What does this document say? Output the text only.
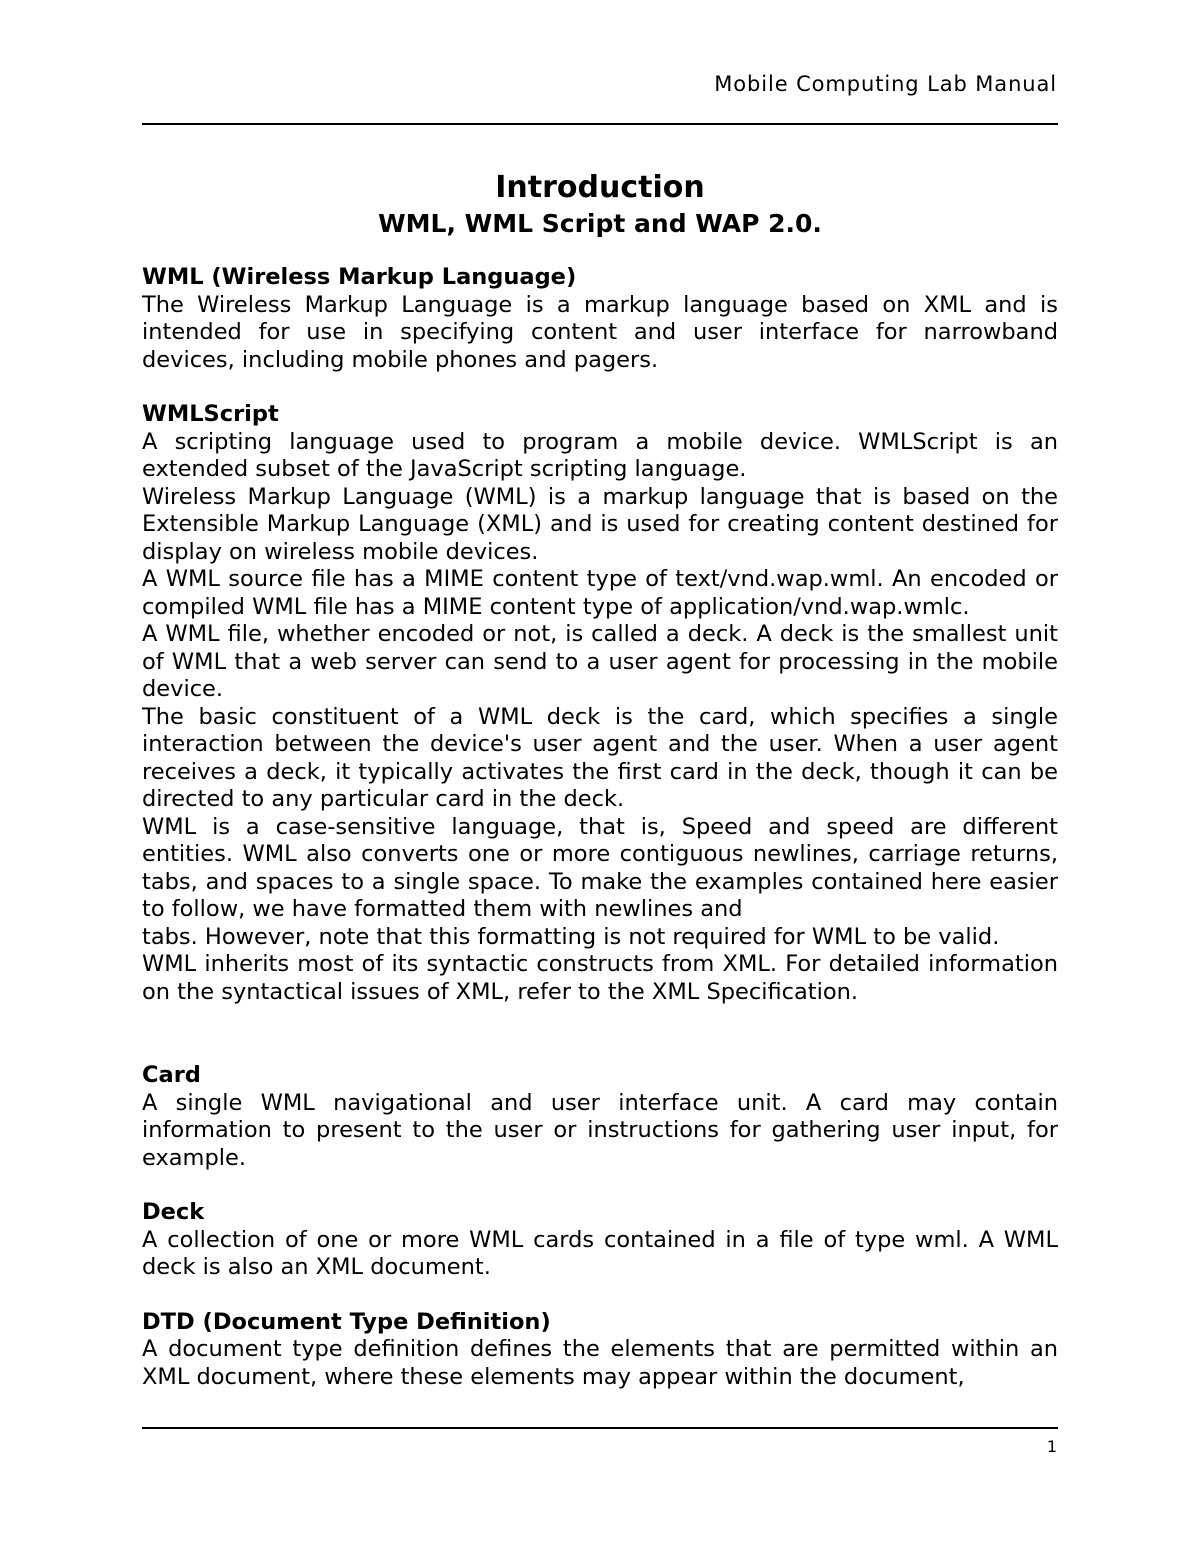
Mobile Computing Lab Manual
Introduction
WML, WML Script and WAP 2.0.
WML (Wireless Markup Language)

The Wireless Markup Language is a markup language based on XML and is intended for use in specifying content and user interface for narrowband devices, including mobile phones and pagers.

WMLScript

A scripting language used to program a mobile device. WMLScript is an extended subset of the JavaScript scripting language.

Wireless Markup Language (WML) is a markup language that is based on the Extensible Markup Language (XML) and is used for creating content destined for display on wireless mobile devices.

A WML source file has a MIME content type of text/vnd.wap.wml. An encoded or compiled WML file has a MIME content type of application/vnd.wap.wmlc.

A WML file, whether encoded or not, is called a deck. A deck is the smallest unit of WML that a web server can send to a user agent for processing in the mobile device.

The basic constituent of a WML deck is the card, which specifies a single interaction between the device's user agent and the user. When a user agent receives a deck, it typically activates the first card in the deck, though it can be directed to any particular card in the deck.

WML is a case-sensitive language, that is, Speed and speed are different entities. WML also converts one or more contiguous newlines, carriage returns, tabs, and spaces to a single space. To make the examples contained here easier to follow, we have formatted them with newlines and

tabs. However, note that this formatting is not required for WML to be valid.

WML inherits most of its syntactic constructs from XML. For detailed information on the syntactical issues of XML, refer to the XML Specification.

Card

A single WML navigational and user interface unit. A card may contain information to present to the user or instructions for gathering user input, for example.

Deck

A collection of one or more WML cards contained in a file of type wml. A WML deck is also an XML document.

DTD (Document Type Definition)

A document type definition defines the elements that are permitted within an XML document, where these elements may appear within the document,

1
